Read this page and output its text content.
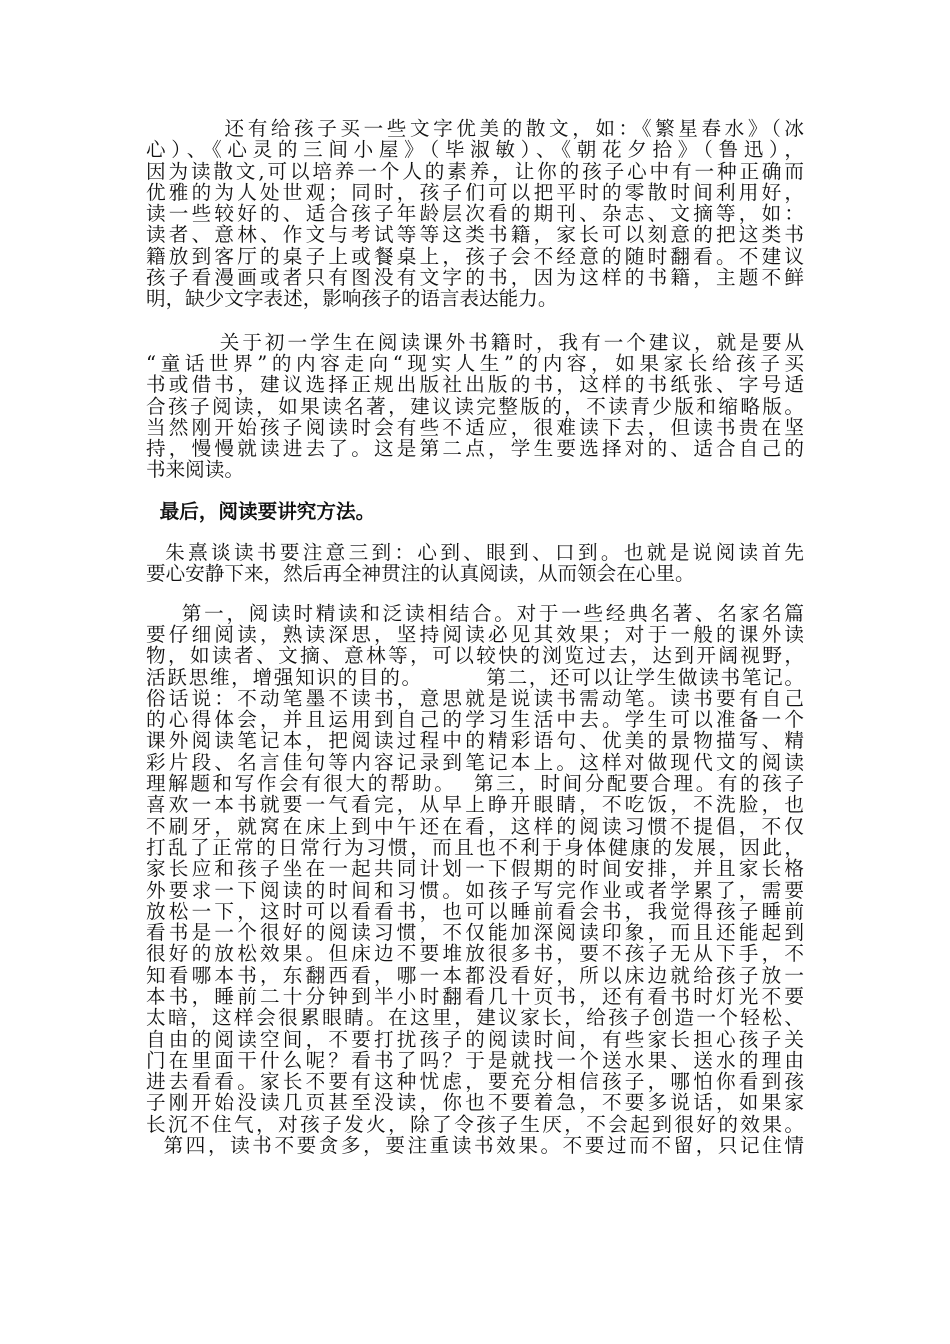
还有给孩子买一些文字优美的散文，如：《繁星春水》（冰
心）、《心灵的三间小屋》（毕淑敏）、《朝花夕拾》（鲁迅），
因为读散文,可以培养一个人的素养，让你的孩子心中有一种正确而
优雅的为人处世观；同时，孩子们可以把平时的零散时间利用好，
读一些较好的、适合孩子年龄层次看的期刊、杂志、文摘等，如：
读者、意林、作文与考试等等这类书籍，家长可以刻意的把这类书
籍放到客厅的桌子上或餐桌上，孩子会不经意的随时翻看。不建议
孩子看漫画或者只有图没有文字的书，因为这样的书籍，主题不鲜
明，缺少文字表述，影响孩子的语言表达能力。
关于初一学生在阅读课外书籍时，我有一个建议，就是要从
“童话世界”的内容走向“现实人生”的内容，如果家长给孩子买
书或借书，建议选择正规出版社出版的书，这样的书纸张、字号适
合孩子阅读，如果读名著，建议读完整版的，不读青少版和缩略版。
当然刚开始孩子阅读时会有些不适应，很难读下去，但读书贵在坚
持，慢慢就读进去了。这是第二点，学生要选择对的、适合自己的
书来阅读。
最后，阅读要讲究方法。
朱熹谈读书要注意三到：心到、眼到、口到。也就是说阅读首先
要心安静下来，然后再全神贯注的认真阅读，从而领会在心里。
第一，阅读时精读和泛读相结合。对于一些经典名著、名家名篇
要仔细阅读，熟读深思，坚持阅读必见其效果；对于一般的课外读
物，如读者、文摘、意林等，可以较快的浏览过去，达到开阔视野，
活跃思维，增强知识的目的。        第二，还可以让学生做读书笔记。
俗话说：不动笔墨不读书，意思就是说读书需动笔。读书要有自己
的心得体会，并且运用到自己的学习生活中去。学生可以准备一个
课外阅读笔记本，把阅读过程中的精彩语句、优美的景物描写、精
彩片段、名言佳句等内容记录到笔记本上。这样对做现代文的阅读
理解题和写作会有很大的帮助。  第三，时间分配要合理。有的孩子
喜欢一本书就要一气看完，从早上睁开眼睛，不吃饭，不洗脸，也
不刷牙，就窝在床上到中午还在看，这样的阅读习惯不提倡，不仅
打乱了正常的日常行为习惯，而且也不利于身体健康的发展，因此，
家长应和孩子坐在一起共同计划一下假期的时间安排，并且家长格
外要求一下阅读的时间和习惯。如孩子写完作业或者学累了，需要
放松一下，这时可以看看书，也可以睡前看会书，我觉得孩子睡前
看书是一个很好的阅读习惯，不仅能加深阅读印象，而且还能起到
很好的放松效果。但床边不要堆放很多书，要不孩子无从下手，不
知看哪本书，东翻西看，哪一本都没看好，所以床边就给孩子放一
本书，睡前二十分钟到半小时翻看几十页书，还有看书时灯光不要
太暗，这样会很累眼睛。在这里，建议家长，给孩子创造一个轻松、
自由的阅读空间，不要打扰孩子的阅读时间，有些家长担心孩子关
门在里面干什么呢？看书了吗？于是就找一个送水果、送水的理由
进去看看。家长不要有这种忧虑，要充分相信孩子，哪怕你看到孩
子刚开始没读几页甚至没读，你也不要着急，不要多说话，如果家
长沉不住气，对孩子发火，除了令孩子生厌，不会起到很好的效果。
第四，读书不要贪多，要注重读书效果。不要过而不留，只记住情
